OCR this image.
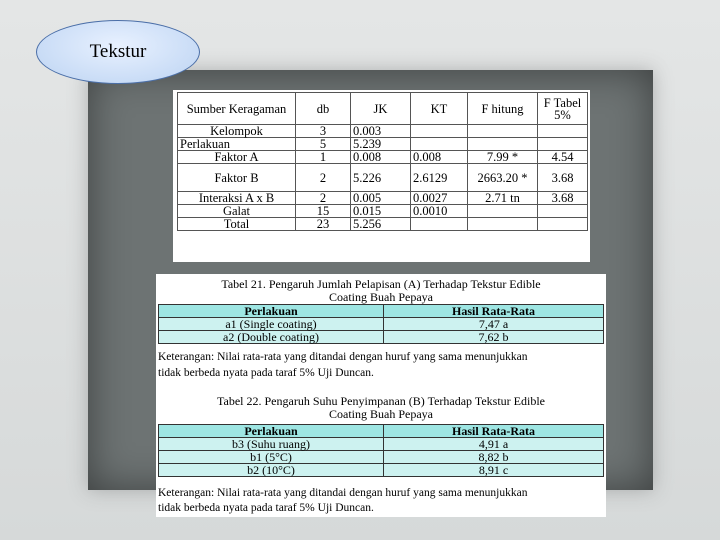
Tekstur
Sumber Keragaman	db	JK	KT	F hitung	F Tabel 5%
Kelompok	3	0.003			
Perlakuan	5	5.239			
Faktor A	1	0.008	0.008	7.99 *	4.54
Faktor B	2	5.226	2.6129	2663.20 *	3.68
Interaksi A x B	2	0.005	0.0027	2.71 tn	3.68
Galat	15	0.015	0.0010		
Total	23	5.256			
Tabel 21. Pengaruh Jumlah Pelapisan (A) Terhadap Tekstur Edible
Coating Buah Pepaya
Perlakuan	Hasil Rata-Rata
a1 (Single coating)	7,47 a
a2 (Double coating)	7,62 b
Keterangan: Nilai rata-rata yang ditandai dengan huruf yang sama menunjukkan
tidak berbeda nyata pada taraf 5% Uji Duncan.
Tabel 22. Pengaruh Suhu Penyimpanan (B) Terhadap Tekstur Edible
Coating Buah Pepaya
Perlakuan	Hasil Rata-Rata
b3 (Suhu ruang)	4,91 a
b1 (5°C)	8,82 b
b2 (10°C)	8,91 c
Keterangan: Nilai rata-rata yang ditandai dengan huruf yang sama menunjukkan
tidak berbeda nyata pada taraf 5% Uji Duncan.
